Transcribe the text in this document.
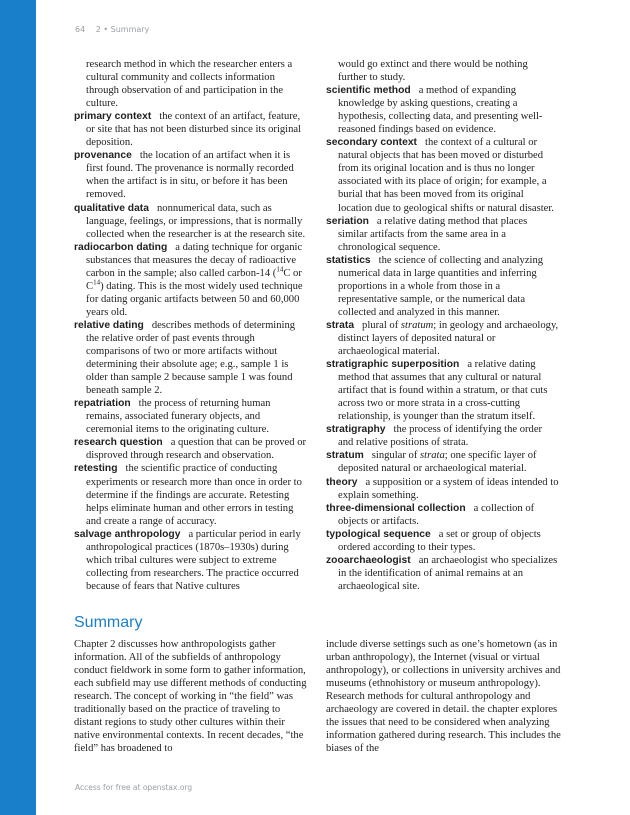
64 2 • Summary

research method in which the researcher enters a cultural community and collects information through observation of and participation in the culture.

primary context the context of an artifact, feature, or site that has not been disturbed since its original deposition.

provenance the location of an artifact when it is first found. The provenance is normally recorded when the artifact is in situ, or before it has been removed.

qualitative data nonnumerical data, such as language, feelings, or impressions, that is normally collected when the researcher is at the research site.

radiocarbon dating a dating technique for organic substances that measures the decay of radioactive carbon in the sample; also called carbon-14 ($^{14}$C or $C^{14}$) dating. This is the most widely used technique for dating organic artifacts between 50 and 60,000 years old.

relative dating describes methods of determining the relative order of past events through comparisons of two or more artifacts without determining their absolute age; e.g., sample 1 is older than sample 2 because sample 1 was found beneath sample 2.

repatriation the process of returning human remains, associated funerary objects, and ceremonial items to the originating culture.

research question a question that can be proved or disproved through research and observation.

retesting the scientific practice of conducting experiments or research more than once in order to determine if the findings are accurate. Retesting helps eliminate human and other errors in testing and create a range of accuracy.

salvage anthropology a particular period in early anthropological practices (1870s–1930s) during which tribal cultures were subject to extreme collecting from researchers. The practice occurred because of fears that Native cultures

would go extinct and there would be nothing further to study.

scientific method a method of expanding knowledge by asking questions, creating a hypothesis, collecting data, and presenting well-reasoned findings based on evidence.

secondary context the context of a cultural or natural objects that has been moved or disturbed from its original location and is thus no longer associated with its place of origin; for example, a burial that has been moved from its original location due to geological shifts or natural disaster.

seriation a relative dating method that places similar artifacts from the same area in a chronological sequence.

statistics the science of collecting and analyzing numerical data in large quantities and inferring proportions in a whole from those in a representative sample, or the numerical data collected and analyzed in this manner.

strata plural of stratum; in geology and archaeology, distinct layers of deposited natural or archaeological material.

stratigraphic superposition a relative dating method that assumes that any cultural or natural artifact that is found within a stratum, or that cuts across two or more strata in a cross-cutting relationship, is younger than the stratum itself.

stratigraphy the process of identifying the order and relative positions of strata.

stratum singular of strata; one specific layer of deposited natural or archaeological material.

theory a supposition or a system of ideas intended to explain something.

three-dimensional collection a collection of objects or artifacts.

typological sequence a set or group of objects ordered according to their types.

zooarchaeologist an archaeologist who specializes in the identification of animal remains at an archaeological site.

Summary

Chapter 2 discusses how anthropologists gather information. All of the subfields of anthropology conduct fieldwork in some form to gather information, each subfield may use different methods of conducting research. The concept of working in “the field” was traditionally based on the practice of traveling to distant regions to study other cultures within their native environmental contexts. In recent decades, “the field” has broadened to

include diverse settings such as one’s hometown (as in urban anthropology), the Internet (visual or virtual anthropology), or collections in university archives and museums (ethnohistory or museum anthropology). Research methods for cultural anthropology and archaeology are covered in detail. the chapter explores the issues that need to be considered when analyzing information gathered during research. This includes the biases of the

Access for free at openstax.org
